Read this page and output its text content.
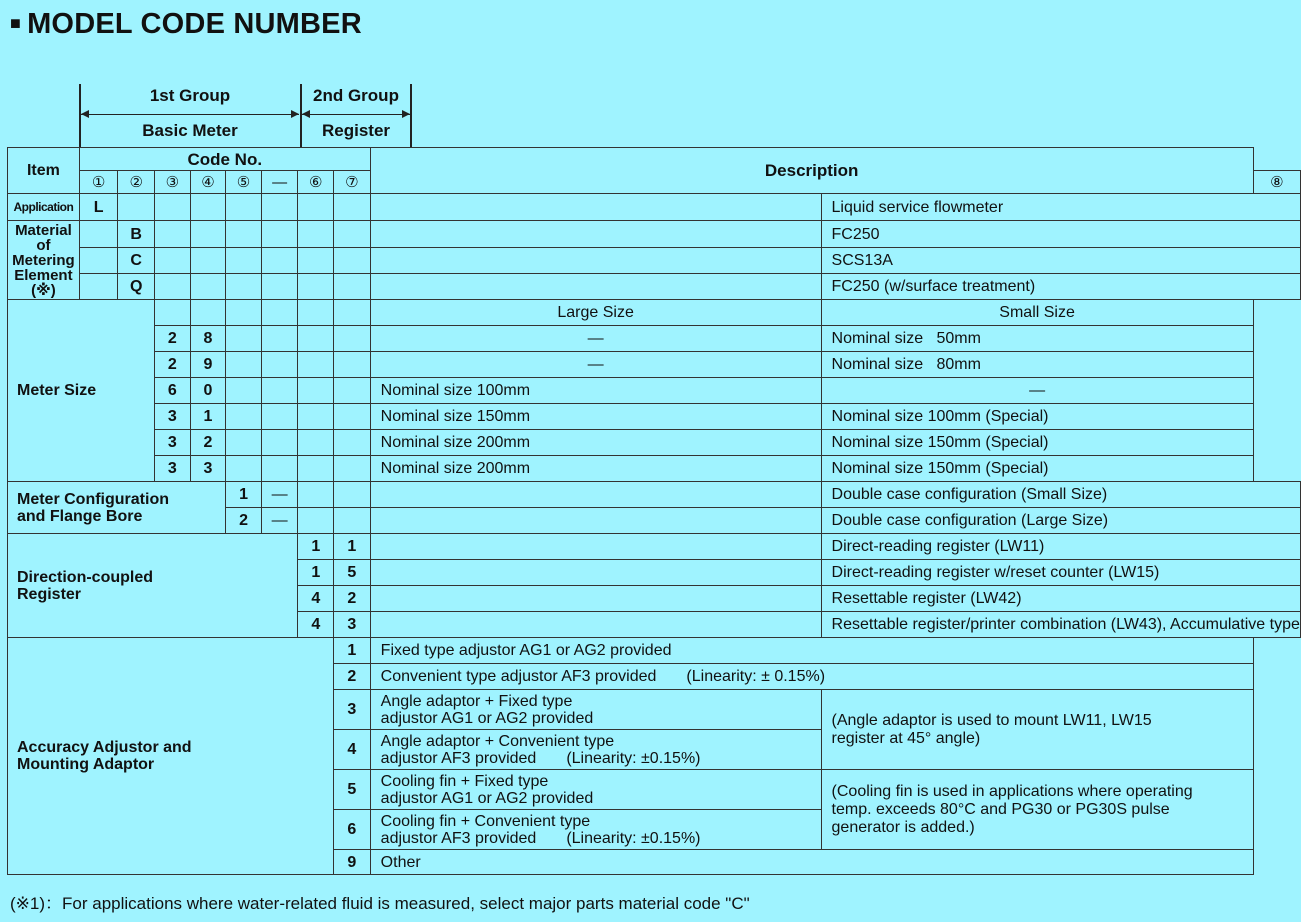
■ MODEL CODE NUMBER
1st Group	2nd Group
Basic Meter	Register
Item	Code No.								Description		
	①	②	③	④	⑤	—	⑥	⑦			⑧
Application	L									Liquid service flowmeter	
Material of
Metering
Element
(※)		B								FC250	
		C								SCS13A	
		Q								FC250 (w/surface treatment)	
Meter Size									Large Size	Small Size	
			2	8					—	Nominal size   50mm	
			2	9					—	Nominal size   80mm	
			6	0					Nominal size 100mm	—	
			3	1					Nominal size 150mm	Nominal size 100mm (Special)	
			3	2					Nominal size 200mm	Nominal size 150mm (Special)	
			3	3					Nominal size 200mm	Nominal size 150mm (Special)	
Meter Configuration
and Flange Bore					1	—				Double case configuration (Small Size)	
					2	—				Double case configuration (Large Size)	
Direction-coupled
Register							1	1		Direct-reading register (LW11)	
							1	5		Direct-reading register w/reset counter (LW15)	
							4	2		Resettable register (LW42)	
							4	3		Resettable register/printer combination (LW43), Accumulative type	
Accuracy Adjustor and
Mounting Adaptor								1	Fixed type adjustor AG1 or AG2 provided		
								2	Convenient type adjustor AF3 provided (Linearity: ± 0.15%)		
								3	Angle adaptor + Fixed type
adjustor AG1 or AG2 provided	(Angle adaptor is used to mount LW11, LW15
register at 45° angle)	
								4	Angle adaptor + Convenient type
adjustor AF3 provided (Linearity: ±0.15%)		
								5	Cooling fin + Fixed type
adjustor AG1 or AG2 provided	(Cooling fin is used in applications where operating
temp. exceeds 80°C and PG30 or PG30S pulse
generator is added.)	
								6	Cooling fin + Convenient type
adjustor AF3 provided (Linearity: ±0.15%)		
								9	Other		
(※1)：For applications where water-related fluid is measured, select major parts material code "C"
